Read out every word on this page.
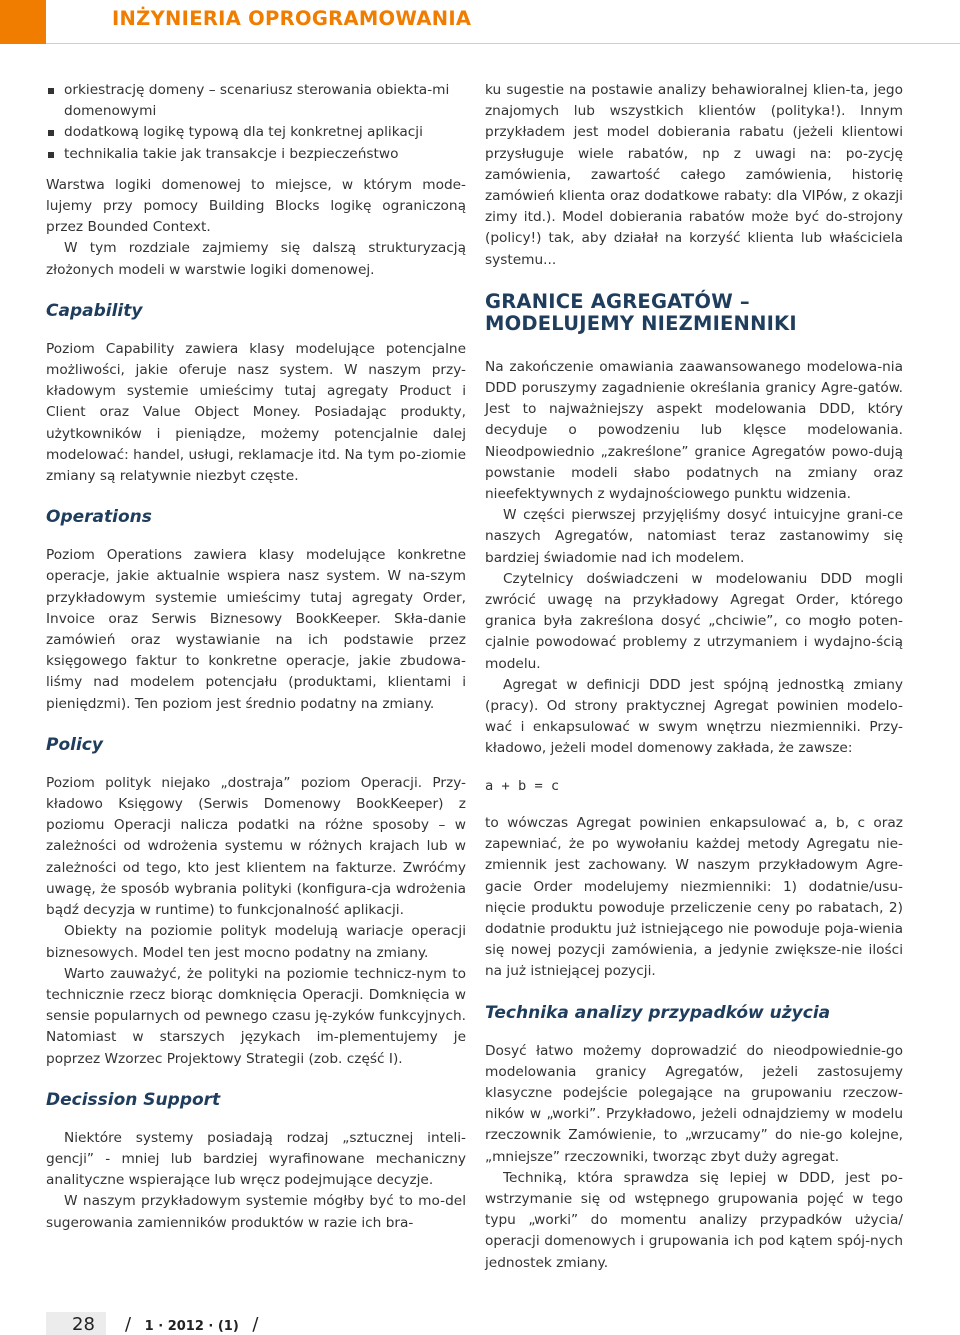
INŻYNIERIA OPROGRAMOWANIA
orkiestrację domeny – scenariusz sterowania obiekta-mi domenowymi
dodatkową logikę typową dla tej konkretnej aplikacji
technikalia takie jak transakcje i bezpieczeństwo

Warstwa logiki domenowej to miejsce, w którym mode-lujemy przy pomocy Building Blocks logikę ograniczoną przez Bounded Context.

W tym rozdziale zajmiemy się dalszą strukturyzacją złożonych modeli w warstwie logiki domenowej.

Capability

Poziom Capability zawiera klasy modelujące potencjalne możliwości, jakie oferuje nasz system. W naszym przy-kładowym systemie umieścimy tutaj agregaty Product i Client oraz Value Object Money. Posiadając produkty, użytkowników i pieniądze, możemy potencjalnie dalej modelować: handel, usługi, reklamacje itd. Na tym po-ziomie zmiany są relatywnie niezbyt częste.

Operations

Poziom Operations zawiera klasy modelujące konkretne operacje, jakie aktualnie wspiera nasz system. W na-szym przykładowym systemie umieścimy tutaj agregaty Order, Invoice oraz Serwis Biznesowy BookKeeper. Skła-danie zamówień oraz wystawianie na ich podstawie przez księgowego faktur to konkretne operacje, jakie zbudowa-liśmy nad modelem potencjału (produktami, klientami i pieniędzmi). Ten poziom jest średnio podatny na zmiany.

Policy

Poziom polityk niejako „dostraja” poziom Operacji. Przy-kładowo Księgowy (Serwis Domenowy BookKeeper) z poziomu Operacji nalicza podatki na różne sposoby – w zależności od wdrożenia systemu w różnych krajach lub w zależności od tego, kto jest klientem na fakturze. Zwróćmy uwagę, że sposób wybrania polityki (konfigura-cja wdrożenia bądź decyzja w runtime) to funkcjonalność aplikacji.

Obiekty na poziomie polityk modelują wariacje operacji biznesowych. Model ten jest mocno podatny na zmiany.

Warto zauważyć, że polityki na poziomie technicz-nym to technicznie rzecz biorąc domknięcia Operacji. Domknięcia w sensie popularnych od pewnego czasu ję-zyków funkcyjnych. Natomiast w starszych językach im-plementujemy je poprzez Wzorzec Projektowy Strategii (zob. część I).

Decission Support

Niektóre systemy posiadają rodzaj „sztucznej inteli-gencji” - mniej lub bardziej wyrafinowane mechaniczny analityczne wspierające lub wręcz podejmujące decyzje.

W naszym przykładowym systemie mógłby być to mo-del sugerowania zamienników produktów w razie ich bra-

ku sugestie na postawie analizy behawioralnej klien-ta, jego znajomych lub wszystkich klientów (polityka!). Innym przykładem jest model dobierania rabatu (jeżeli klientowi przysługuje wiele rabatów, np z uwagi na: po-zycję zamówienia, zawartość całego zamówienia, historię zamówień klienta oraz dodatkowe rabaty: dla VIPów, z okazji zimy itd.). Model dobierania rabatów może być do-strojony (policy!) tak, aby działał na korzyść klienta lub właściciela systemu...

GRANICE AGREGATÓW –
MODELUJEMY NIEZMIENNIKI

Na zakończenie omawiania zaawansowanego modelowa-nia DDD poruszymy zagadnienie określania granicy Agre-gatów. Jest to najważniejszy aspekt modelowania DDD, który decyduje o powodzeniu lub klęsce modelowania. Nieodpowiednio „zakreślone” granice Agregatów powo-dują powstanie modeli słabo podatnych na zmiany oraz nieefektywnych z wydajnościowego punktu widzenia.

W części pierwszej przyjęliśmy dosyć intuicyjne grani-ce naszych Agregatów, natomiast teraz zastanowimy się bardziej świadomie nad ich modelem.

Czytelnicy doświadczeni w modelowaniu DDD mogli zwrócić uwagę na przykładowy Agregat Order, którego granica była zakreślona dosyć „chciwie”, co mogło poten-cjalnie powodować problemy z utrzymaniem i wydajno-ścią modelu.

Agregat w definicji DDD jest spójną jednostką zmiany (pracy). Od strony praktycznej Agregat powinien modelo-wać i enkapsulować w swym wnętrzu niezmienniki. Przy-kładowo, jeżeli model domenowy zakłada, że zawsze:

a + b = c

to wówczas Agregat powinien enkapsulować a, b, c oraz zapewniać, że po wywołaniu każdej metody Agregatu nie-zmiennik jest zachowany. W naszym przykładowym Agre-gacie Order modelujemy niezmienniki: 1) dodatnie/usu-nięcie produktu powoduje przeliczenie ceny po rabatach, 2) dodatnie produktu już istniejącego nie powoduje poja-wienia się nowej pozycji zamówienia, a jedynie zwiększe-nie ilości na już istniejącej pozycji.

Technika analizy przypadków użycia

Dosyć łatwo możemy doprowadzić do nieodpowiednie-go modelowania granicy Agregatów, jeżeli zastosujemy klasyczne podejście polegające na grupowaniu rzeczow-ników w „worki”. Przykładowo, jeżeli odnajdziemy w modelu rzeczownik Zamówienie, to „wrzucamy” do nie-go kolejne, „mniejsze” rzeczowniki, tworząc zbyt duży agregat.

Techniką, która sprawdza się lepiej w DDD, jest po-wstrzymanie się od wstępnego grupowania pojęć w tego typu „worki” do momentu analizy przypadków użycia/ operacji domenowych i grupowania ich pod kątem spój-nych jednostek zmiany.

28 / 1 · 2012 · (1) /
